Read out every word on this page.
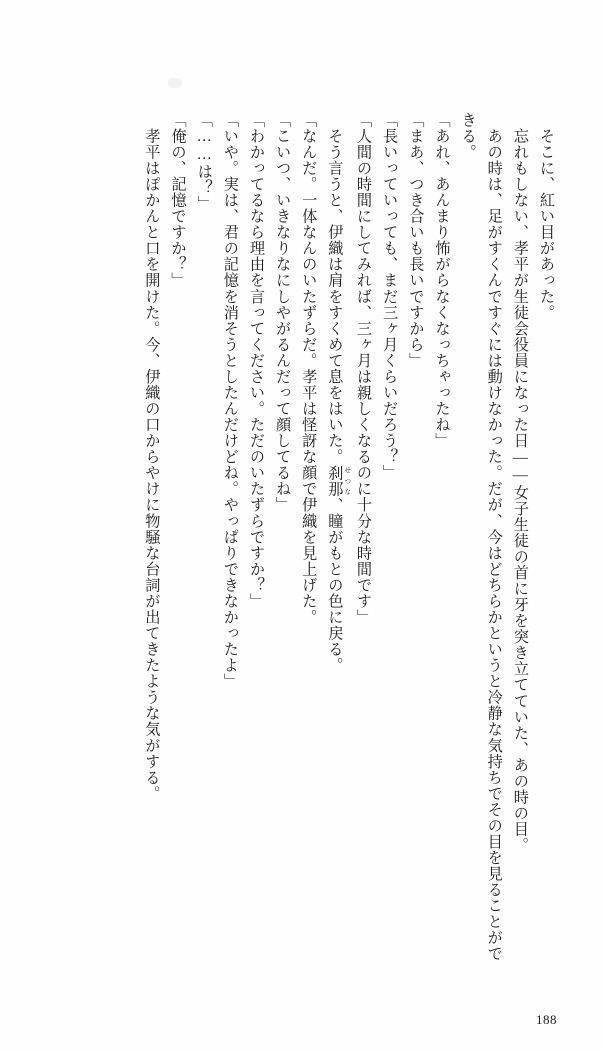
　そこに、紅い目があった。

　忘れもしない、孝平が生徒会役員になった日――女子生徒の首に牙を突き立てていた、あの時の目。

　あの時は、足がすくんですぐには動けなかった。だが、今はどちらかというと冷静な気持ちでその目を見ることができる。

「あれ、あんまり怖がらなくなっちゃったね」

「まあ、つき合いも長いですから」

「長いっていっても、まだ三ヶ月くらいだろう？」

「人間の時間にしてみれば、三ヶ月は親しくなるのに十分な時間です」

　そう言うと、伊織は肩をすくめて息をはいた。刹那 せつな、瞳がもとの色に戻る。

「なんだ。一体なんのいたずらだ。孝平は怪訝な顔で伊織を見上げた。

「こいつ、いきなりなにしやがるんだって顔してるね」

「わかってるなら理由を言ってください。ただのいたずらですか？」

「いや。実は、君の記憶を消そうとしたんだけどね。やっぱりできなかったよ」

「……は？」

「俺の、記憶ですか？」

　孝平はぽかんと口を開けた。今、伊織の口からやけに物騒な台詞が出てきたような気がする。

188
